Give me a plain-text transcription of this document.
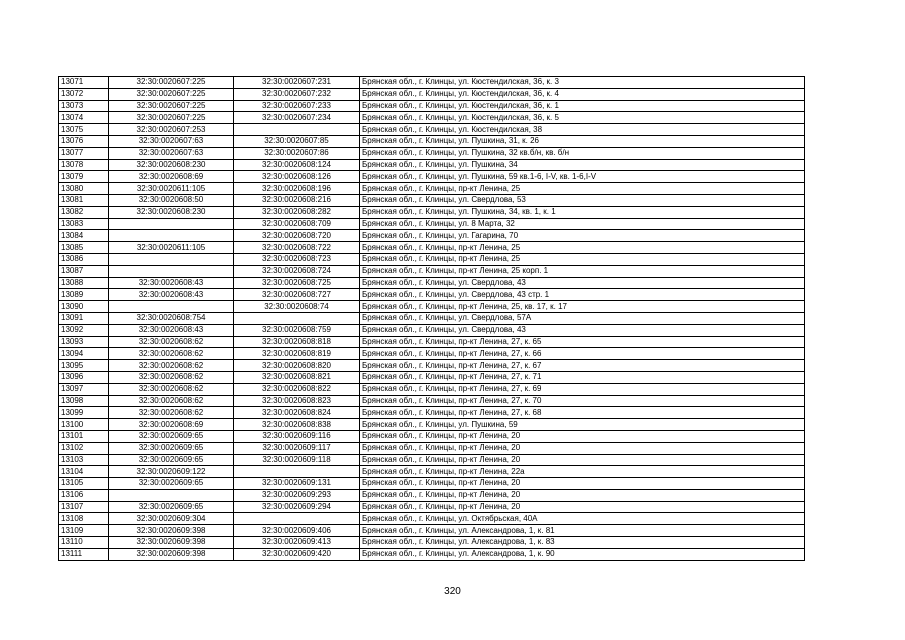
13071	32:30:0020607:225	32:30:0020607:231	Брянская обл., г. Клинцы, ул. Кюстендилская, 36, к. 3
13072	32:30:0020607:225	32:30:0020607:232	Брянская обл., г. Клинцы, ул. Кюстендилская, 36, к. 4
13073	32:30:0020607:225	32:30:0020607:233	Брянская обл., г. Клинцы, ул. Кюстендилская, 36, к. 1
13074	32:30:0020607:225	32:30:0020607:234	Брянская обл., г. Клинцы, ул. Кюстендилская, 36, к. 5
13075	32:30:0020607:253		Брянская обл., г. Клинцы, ул. Кюстендилская, 38
13076	32:30:0020607:63	32:30:0020607:85	Брянская обл., г. Клинцы, ул. Пушкина, 31, к. 26
13077	32:30:0020607:63	32:30:0020607:86	Брянская обл., г. Клинцы, ул. Пушкина, 32 кв.б/н, кв. б/н
13078	32:30:0020608:230	32:30:0020608:124	Брянская обл., г. Клинцы, ул. Пушкина, 34
13079	32:30:0020608:69	32:30:0020608:126	Брянская обл., г. Клинцы, ул. Пушкина, 59 кв.1-6, I-V, кв. 1-6,I-V
13080	32:30:0020611:105	32:30:0020608:196	Брянская обл., г. Клинцы, пр-кт Ленина, 25
13081	32:30:0020608:50	32:30:0020608:216	Брянская обл., г. Клинцы, ул. Свердлова, 53
13082	32:30:0020608:230	32:30:0020608:282	Брянская обл., г. Клинцы, ул. Пушкина, 34, кв. 1, к. 1
13083		32:30:0020608:709	Брянская обл., г. Клинцы, ул. 8 Марта, 32
13084		32:30:0020608:720	Брянская обл., г. Клинцы, ул. Гагарина, 70
13085	32:30:0020611:105	32:30:0020608:722	Брянская обл., г. Клинцы, пр-кт Ленина, 25
13086		32:30:0020608:723	Брянская обл., г. Клинцы, пр-кт Ленина, 25
13087		32:30:0020608:724	Брянская обл., г. Клинцы, пр-кт Ленина, 25 корп. 1
13088	32:30:0020608:43	32:30:0020608:725	Брянская обл., г. Клинцы, ул. Свердлова, 43
13089	32:30:0020608:43	32:30:0020608:727	Брянская обл., г. Клинцы, ул. Свердлова, 43 стр. 1
13090		32:30:0020608:74	Брянская обл., г. Клинцы, пр-кт Ленина, 25, кв. 17, к. 17
13091	32:30:0020608:754		Брянская обл., г. Клинцы, ул. Свердлова, 57А
13092	32:30:0020608:43	32:30:0020608:759	Брянская обл., г. Клинцы, ул. Свердлова, 43
13093	32:30:0020608:62	32:30:0020608:818	Брянская обл., г. Клинцы, пр-кт Ленина, 27, к. 65
13094	32:30:0020608:62	32:30:0020608:819	Брянская обл., г. Клинцы, пр-кт Ленина, 27, к. 66
13095	32:30:0020608:62	32:30:0020608:820	Брянская обл., г. Клинцы, пр-кт Ленина, 27, к. 67
13096	32:30:0020608:62	32:30:0020608:821	Брянская обл., г. Клинцы, пр-кт Ленина, 27, к. 71
13097	32:30:0020608:62	32:30:0020608:822	Брянская обл., г. Клинцы, пр-кт Ленина, 27, к. 69
13098	32:30:0020608:62	32:30:0020608:823	Брянская обл., г. Клинцы, пр-кт Ленина, 27, к. 70
13099	32:30:0020608:62	32:30:0020608:824	Брянская обл., г. Клинцы, пр-кт Ленина, 27, к. 68
13100	32:30:0020608:69	32:30:0020608:838	Брянская обл., г. Клинцы, ул. Пушкина, 59
13101	32:30:0020609:65	32:30:0020609:116	Брянская обл., г. Клинцы, пр-кт Ленина, 20
13102	32:30:0020609:65	32:30:0020609:117	Брянская обл., г. Клинцы, пр-кт Ленина, 20
13103	32:30:0020609:65	32:30:0020609:118	Брянская обл., г. Клинцы, пр-кт Ленина, 20
13104	32:30:0020609:122		Брянская обл., г. Клинцы, пр-кт Ленина, 22а
13105	32:30:0020609:65	32:30:0020609:131	Брянская обл., г. Клинцы, пр-кт Ленина, 20
13106		32:30:0020609:293	Брянская обл., г. Клинцы, пр-кт Ленина, 20
13107	32:30:0020609:65	32:30:0020609:294	Брянская обл., г. Клинцы, пр-кт Ленина, 20
13108	32:30:0020609:304		Брянская обл., г. Клинцы, ул. Октябрьская, 40А
13109	32:30:0020609:398	32:30:0020609:406	Брянская обл., г. Клинцы, ул. Александрова, 1, к. 81
13110	32:30:0020609:398	32:30:0020609:413	Брянская обл., г. Клинцы, ул. Александрова, 1, к. 83
13111	32:30:0020609:398	32:30:0020609:420	Брянская обл., г. Клинцы, ул. Александрова, 1, к. 90
320
